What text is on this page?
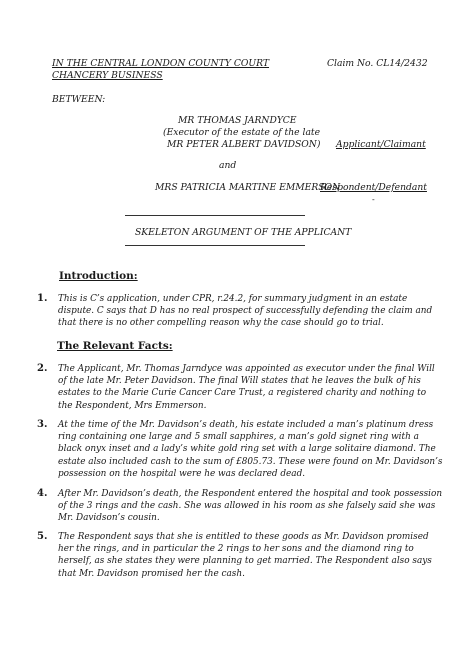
IN THE CENTRAL LONDON COUNTY COURT
CHANCERY BUSINESS
Claim No. CL14/2432
BETWEEN:
MR THOMAS JARNDYCE
(Executor of the estate of the late
MR PETER ALBERT DAVIDSON) Applicant/Claimant
and
MRS PATRICIA MARTINE EMMERSON
Respondent/Defendant
-
SKELETON ARGUMENT OF THE APPLICANT
Introduction:
1. This is C’s application, under CPR, r.24.2, for summary judgment in an estate dispute. C says that D has no real prospect of successfully defending the claim and that there is no other compelling reason why the case should go to trial.
The Relevant Facts:
2. The Applicant, Mr. Thomas Jarndyce was appointed as executor under the final Will of the late Mr. Peter Davidson. The final Will states that he leaves the bulk of his estates to the Marie Curie Cancer Care Trust, a registered charity and nothing to the Respondent, Mrs Emmerson.
3. At the time of the Mr. Davidson’s death, his estate included a man’s platinum dress ring containing one large and 5 small sapphires, a man’s gold signet ring with a black onyx inset and a lady’s white gold ring set with a large solitaire diamond. The estate also included cash to the sum of £805.73. These were found on Mr. Davidson’s possession on the hospital were he was declared dead.
4. After Mr. Davidson’s death, the Respondent entered the hospital and took possession of the 3 rings and the cash. She was allowed in his room as she falsely said she was Mr. Davidson’s cousin.
5. The Respondent says that she is entitled to these goods as Mr. Davidson promised her the rings, and in particular the 2 rings to her sons and the diamond ring to herself, as she states they were planning to get married. The Respondent also says that Mr. Davidson promised her the cash.
